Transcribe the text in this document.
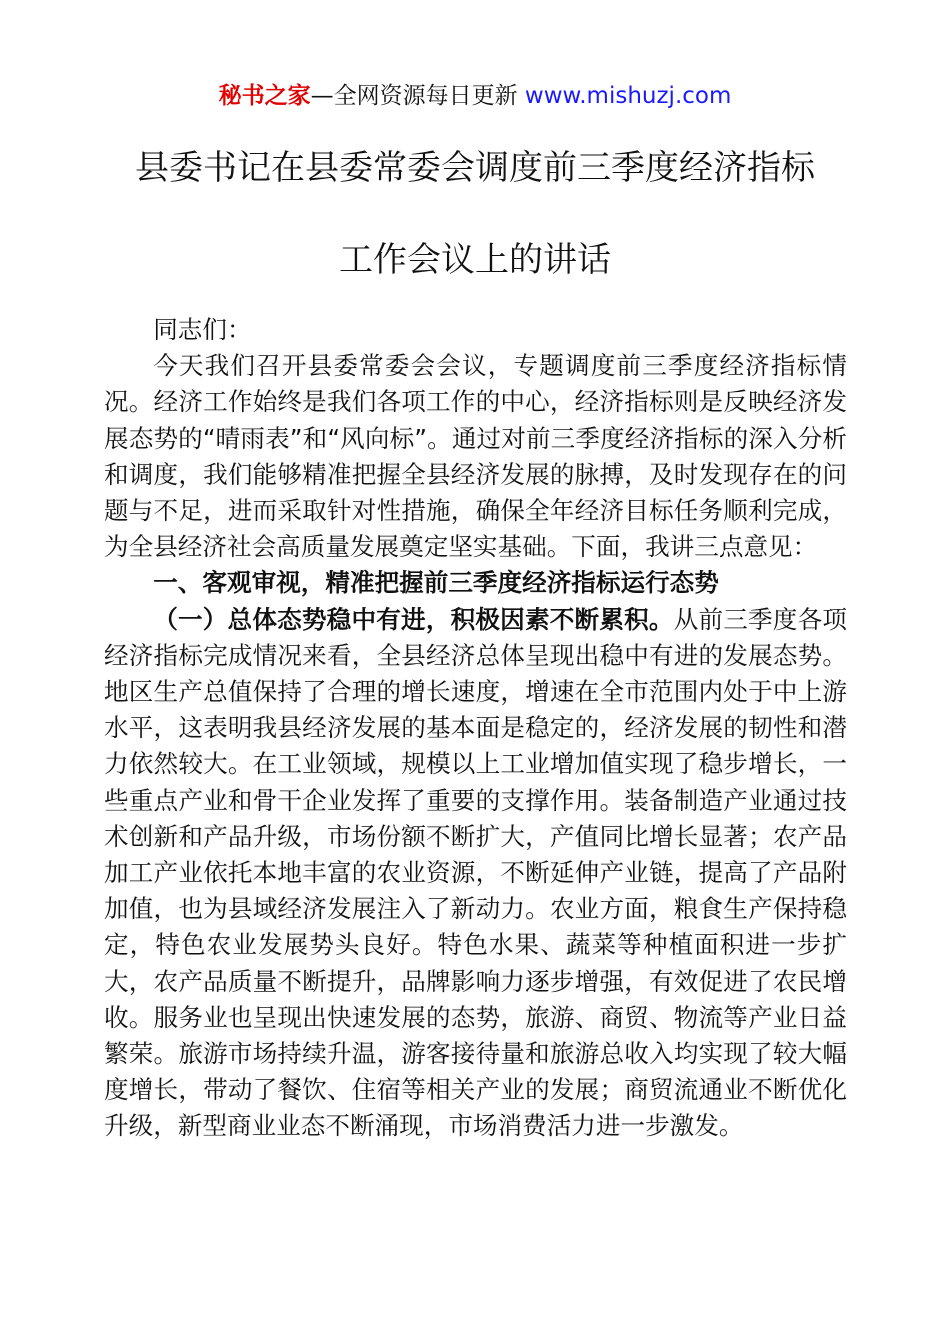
秘书之家—全网资源每日更新 www.mishuzj.com
县委书记在县委常委会调度前三季度经济指标
工作会议上的讲话

同志们：

今天我们召开县委常委会会议，专题调度前三季度经济指标情况。经济工作始终是我们各项工作的中心，经济指标则是反映经济发展态势的“晴雨表”和“风向标”。通过对前三季度经济指标的深入分析和调度，我们能够精准把握全县经济发展的脉搏，及时发现存在的问题与不足，进而采取针对性措施，确保全年经济目标任务顺利完成，为全县经济社会高质量发展奠定坚实基础。下面，我讲三点意见：

一、客观审视，精准把握前三季度经济指标运行态势

（一）总体态势稳中有进，积极因素不断累积。从前三季度各项经济指标完成情况来看，全县经济总体呈现出稳中有进的发展态势。地区生产总值保持了合理的增长速度，增速在全市范围内处于中上游水平，这表明我县经济发展的基本面是稳定的，经济发展的韧性和潜力依然较大。在工业领域，规模以上工业增加值实现了稳步增长，一些重点产业和骨干企业发挥了重要的支撑作用。装备制造产业通过技术创新和产品升级，市场份额不断扩大，产值同比增长显著；农产品加工产业依托本地丰富的农业资源，不断延伸产业链，提高了产品附加值，也为县域经济发展注入了新动力。农业方面，粮食生产保持稳定，特色农业发展势头良好。特色水果、蔬菜等种植面积进一步扩大，农产品质量不断提升，品牌影响力逐步增强，有效促进了农民增收。服务业也呈现出快速发展的态势，旅游、商贸、物流等产业日益繁荣。旅游市场持续升温，游客接待量和旅游总收入均实现了较大幅度增长，带动了餐饮、住宿等相关产业的发展；商贸流通业不断优化升级，新型商业业态不断涌现，市场消费活力进一步激发。
